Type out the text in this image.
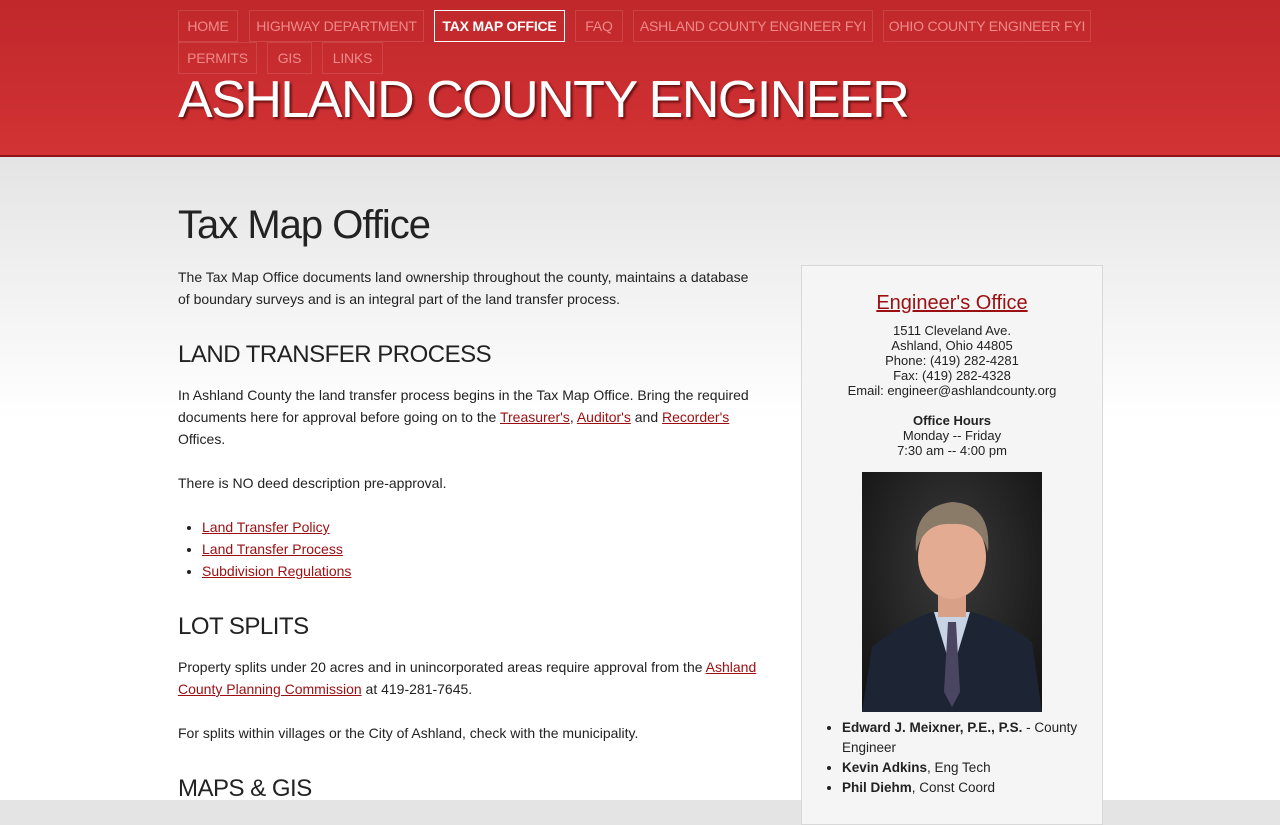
HOME	HIGHWAY DEPARTMENT	TAX MAP OFFICE	FAQ	ASHLAND COUNTY ENGINEER FYI	OHIO COUNTY ENGINEER FYI
PERMITS	GIS	LINKS
ASHLAND COUNTY ENGINEER
Tax Map Office

The Tax Map Office documents land ownership throughout the county, maintains a database of boundary surveys and is an integral part of the land transfer process.

LAND TRANSFER PROCESS

In Ashland County the land transfer process begins in the Tax Map Office. Bring the required documents here for approval before going on to the Treasurer's, Auditor's and Recorder's Offices.

There is NO deed description pre-approval.

• Land Transfer Policy
• Land Transfer Process
• Subdivision Regulations
LOT SPLITS

Property splits under 20 acres and in unincorporated areas require approval from the Ashland County Planning Commission at 419-281-7645.

For splits within villages or the City of Ashland, check with the municipality.

MAPS & GIS
Engineer's Office
1511 Cleveland Ave.
Ashland, Ohio 44805
Phone: (419) 282-4281
Fax: (419) 282-4328
Email: engineer@ashlandcounty.org
Office Hours
Monday -- Friday
7:30 am -- 4:00 pm
• Edward J. Meixner, P.E., P.S. - County Engineer
• Kevin Adkins, Eng Tech
• Phil Diehm, Const Coord
